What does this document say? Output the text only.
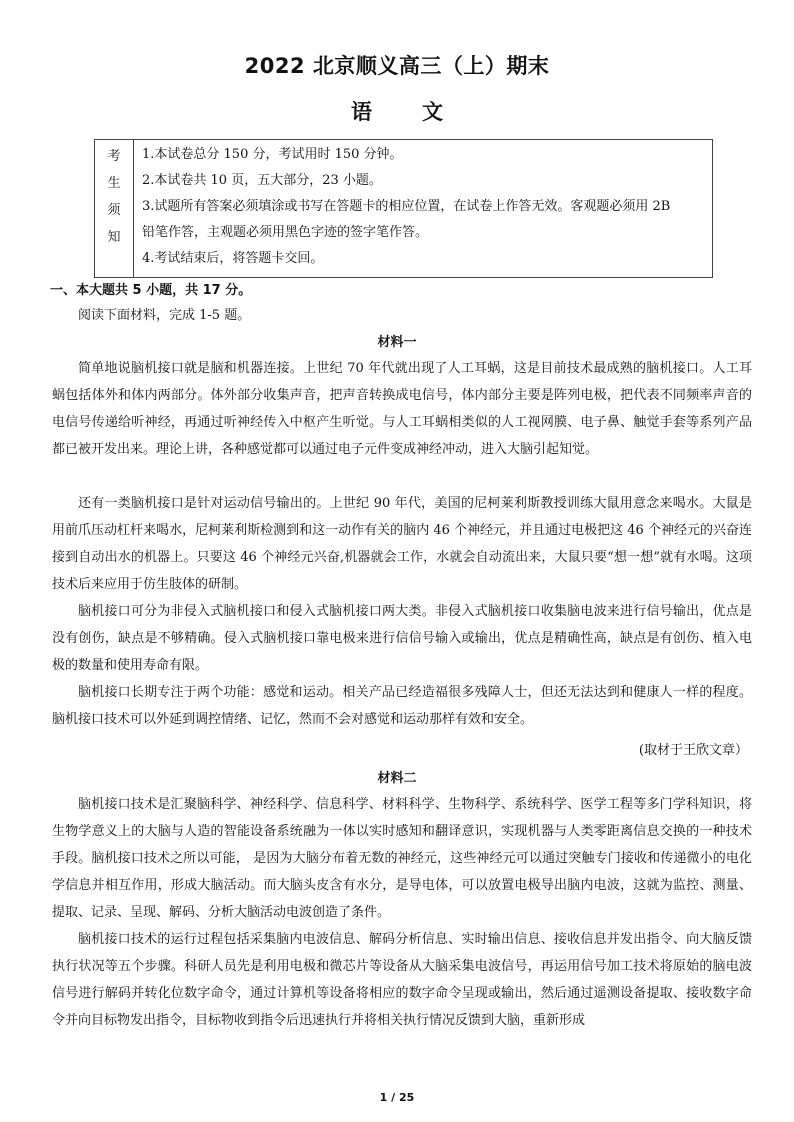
2022 北京顺义高三（上）期末
语文
考
生
须
知

1.本试卷总分 150 分，考试用时 150 分钟。
2.本试卷共 10 页，五大部分，23 小题。
3.试题所有答案必须填涂或书写在答题卡的相应位置，在试卷上作答无效。客观题必须用 2B
铅笔作答，主观题必须用黑色字迹的签字笔作答。
4.考试结束后，将答题卡交回。
一、本大题共 5 小题，共 17 分。
阅读下面材料，完成 1-5 题。
材料一

简单地说脑机接口就是脑和机器连接。上世纪 70 年代就出现了人工耳蜗，这是目前技术最成熟的脑机接口。人工耳蜗包括体外和体内两部分。体外部分收集声音，把声音转换成电信号，体内部分主要是阵列电极，把代表不同频率声音的电信号传递给听神经，再通过听神经传入中枢产生听觉。与人工耳蜗相类似的人工视网膜、电子鼻、触觉手套等系列产品都已被开发出来。理论上讲，各种感觉都可以通过电子元件变成神经冲动，进入大脑引起知觉。

还有一类脑机接口是针对运动信号输出的。上世纪 90 年代，美国的尼柯莱利斯教授训练大鼠用意念来喝水。大鼠是用前爪压动杠杆来喝水，尼柯莱利斯检测到和这一动作有关的脑内 46 个神经元，并且通过电极把这 46 个神经元的兴奋连接到自动出水的机器上。只要这 46 个神经元兴奋,机器就会工作，水就会自动流出来，大鼠只要“想一想”就有水喝。这项技术后来应用于仿生肢体的研制。

脑机接口可分为非侵入式脑机接口和侵入式脑机接口两大类。非侵入式脑机接口收集脑电波来进行信号输出，优点是没有创伤，缺点是不够精确。侵入式脑机接口靠电极来进行信信号输入或输出，优点是精确性高，缺点是有创伤、植入电极的数量和使用寿命有限。

脑机接口长期专注于两个功能：感觉和运动。相关产品已经造福很多残障人士，但还无法达到和健康人一样的程度。脑机接口技术可以外延到调控情绪、记忆，然而不会对感觉和运动那样有效和安全。

(取材于王欣文章）
材料二

脑机接口技术是汇聚脑科学、神经科学、信息科学、材料科学、生物科学、系统科学、医学工程等多门学科知识，将生物学意义上的大脑与人造的智能设备系统融为一体以实时感知和翻译意识，实现机器与人类零距离信息交换的一种技术手段。脑机接口技术之所以可能， 是因为大脑分布着无数的神经元，这些神经元可以通过突触专门接收和传递微小的电化学信息并相互作用，形成大脑活动。而大脑头皮含有水分，是导电体，可以放置电极导出脑内电波，这就为监控、测量、提取、记录、呈现、解码、分析大脑活动电波创造了条件。

脑机接口技术的运行过程包括采集脑内电波信息、解码分析信息、实时输出信息、接收信息并发出指令、向大脑反馈执行状况等五个步骤。科研人员先是利用电极和微芯片等设备从大脑采集电波信号，再运用信号加工技术将原始的脑电波信号进行解码并转化位数字命令，通过计算机等设备将相应的数字命令呈现或输出，然后通过遥测设备提取、接收数字命令并向目标物发出指令，目标物收到指令后迅速执行并将相关执行情况反馈到大脑，重新形成

1 / 25
